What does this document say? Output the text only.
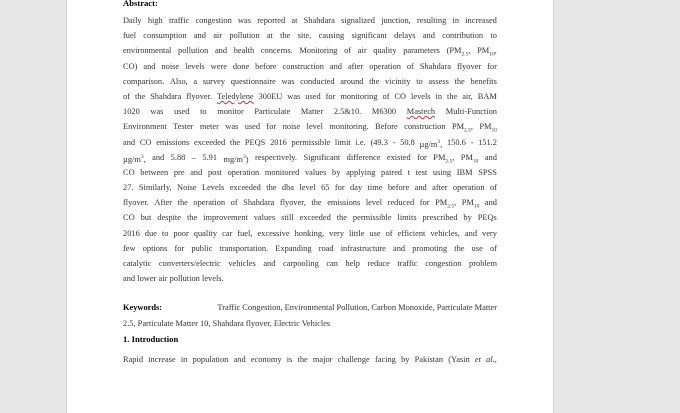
Abstract:
Daily high traffic congestion was reported at Shahdara signalized junction, resulting in increased
fuel consumption and air pollution at the site, causing significant delays and contribution to
environmental pollution and health concerns. Monitoring of air quality parameters ($PM_{2.5}$, $PM_{10}$,
CO) and noise levels were done before construction and after operation of Shahdara flyover for
comparison. Also, a survey questionnaire was conducted around the vicinity to assess the benefits
of the Shahdara flyover. Teledylene 300EU was used for monitoring of CO levels in the air, BAM
1020 was used to monitor Particulate Matter 2.5&10. M6300 Mastech Multi-Function
Environment Tester meter was used for noise level monitoring. Before construction $PM_{2.5}$, $PM_{10}$
and CO emissions exceeded the PEQS 2016 permissible limit i.e. (49.3 - 50.8 $\mu g/m^3$, 150.6 - 151.2
$\mu g/m^3$, and 5.88 – 5.91 $mg/m^3$) respectively. Significant difference existed for $PM_{2.5}$, $PM_{10}$ and
CO between pre and post operation monitored values by applying paired t test using IBM SPSS
27. Similarly, Noise Levels exceeded the dba level 65 for day time before and after operation of
flyover. After the operation of Shahdara flyover, the emissions level reduced for $PM_{2.5}$, $PM_{10}$ and
CO but despite the improvement values still exceeded the permissible limits prescribed by PEQs
2016 due to poor quality car fuel, excessive honking, very little use of efficient vehicles, and very
few options for public transportation. Expanding road infrastructure and promoting the use of
catalytic converters/electric vehicles and carpooling can help reduce traffic congestion problem
and lower air pollution levels.
Keywords:	Traffic Congestion, Environmental Pollution, Carbon Monoxide, Particulate Matter
2.5, Particulate Matter 10, Shahdara flyover, Electric Vehicles
1. Introduction
Rapid increase in population and economy is the major challenge facing by Pakistan (Yasin et al.,
